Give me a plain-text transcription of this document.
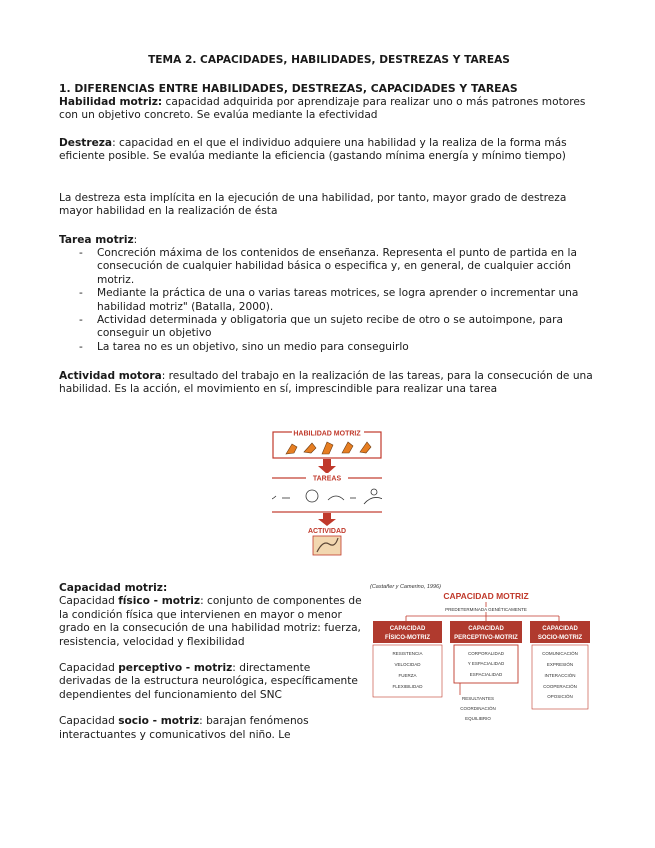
TEMA 2. CAPACIDADES, HABILIDADES, DESTREZAS Y TAREAS
1. DIFERENCIAS ENTRE HABILIDADES, DESTREZAS, CAPACIDADES Y TAREAS

Habilidad motriz: capacidad adquirida por aprendizaje para realizar uno o más patrones motores con un objetivo concreto. Se evalúa mediante la efectividad

Destreza: capacidad en el que el individuo adquiere una habilidad y la realiza de la forma más eficiente posible. Se evalúa mediante la eficiencia (gastando mínima energía y mínimo tiempo)

La destreza esta implícita en la ejecución de una habilidad, por tanto, mayor grado de destreza mayor habilidad en la realización de ésta

Tarea motriz:

- Concreción máxima de los contenidos de enseñanza. Representa el punto de partida en la consecución de cualquier habilidad básica o especifica y, en general, de cualquier acción motriz.
- Mediante la práctica de una o varias tareas motrices, se logra aprender o incrementar una habilidad motriz" (Batalla, 2000).
- Actividad determinada y obligatoria que un sujeto recibe de otro o se autoimpone, para conseguir un objetivo
- La tarea no es un objetivo, sino un medio para conseguirlo

Actividad motora: resultado del trabajo en la realización de las tareas, para la consecución de una habilidad. Es la acción, el movimiento en sí, imprescindible para realizar una tarea

Capacidad motriz:

Capacidad físico - motriz: conjunto de componentes de la condición física que intervienen en mayor o menor grado en la consecución de una habilidad motriz: fuerza, resistencia, velocidad y flexibilidad

Capacidad perceptivo - motriz: directamente derivadas de la estructura neurológica, específicamente dependientes del funcionamiento del SNC

Capacidad socio - motriz: barajan fenómenos interactuantes y comunicativos del niño. Le

HABILIDAD MOTRIZ
TAREAS
ACTIVIDAD
(Castañer y Camerino, 1996)
CAPACIDAD MOTRIZ
PREDETERMINADA GENÉTICAMENTE
CAPACIDAD
FÍSICO-MOTRIZ
CAPACIDAD
PERCEPTIVO-MOTRIZ
CAPACIDAD
SOCIO-MOTRIZ
RESISTENCIA
VELOCIDAD
FUERZA
FLEXIBILIDAD
CORPORALIDAD
Y ESPACIALIDAD
ESPACIALIDAD
RESULTANTES
COORDINACIÓN
EQUILIBRIO
COMUNICACIÓN
EXPRESIÓN
INTERACCIÓN
COOPERACIÓN
OPOSICIÓN
